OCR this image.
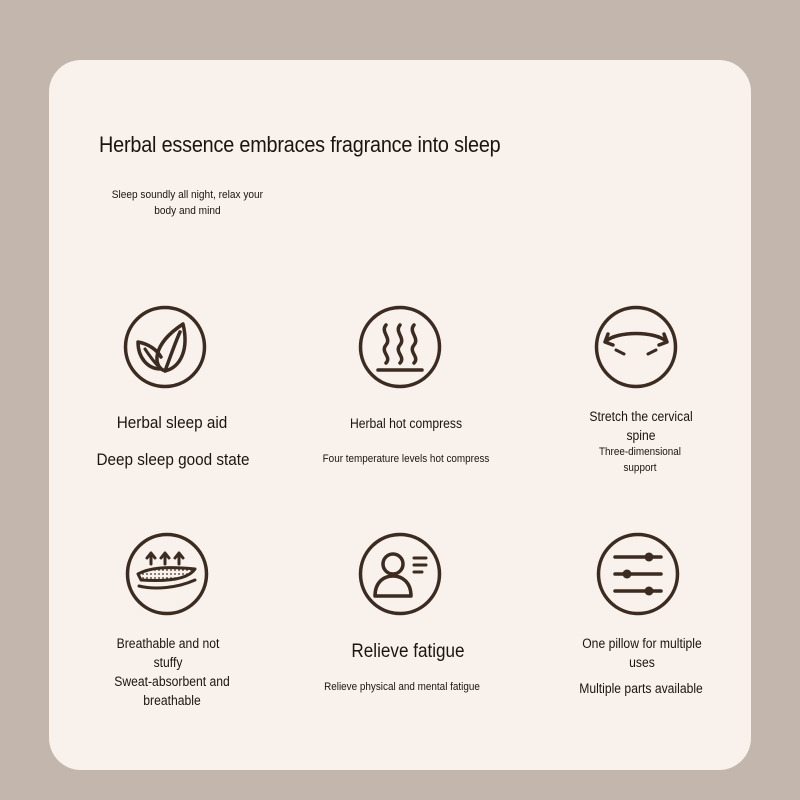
Herbal essence embraces fragrance into sleep

Sleep soundly all night, relax your body and mind

Herbal sleep aid
Deep sleep good state
Herbal hot compress
Four temperature levels hot compress
Stretch the cervical spine
Three-dimensional support
Breathable and not stuffy
Sweat-absorbent and breathable
Relieve fatigue
Relieve physical and mental fatigue
One pillow for multiple uses
Multiple parts available
